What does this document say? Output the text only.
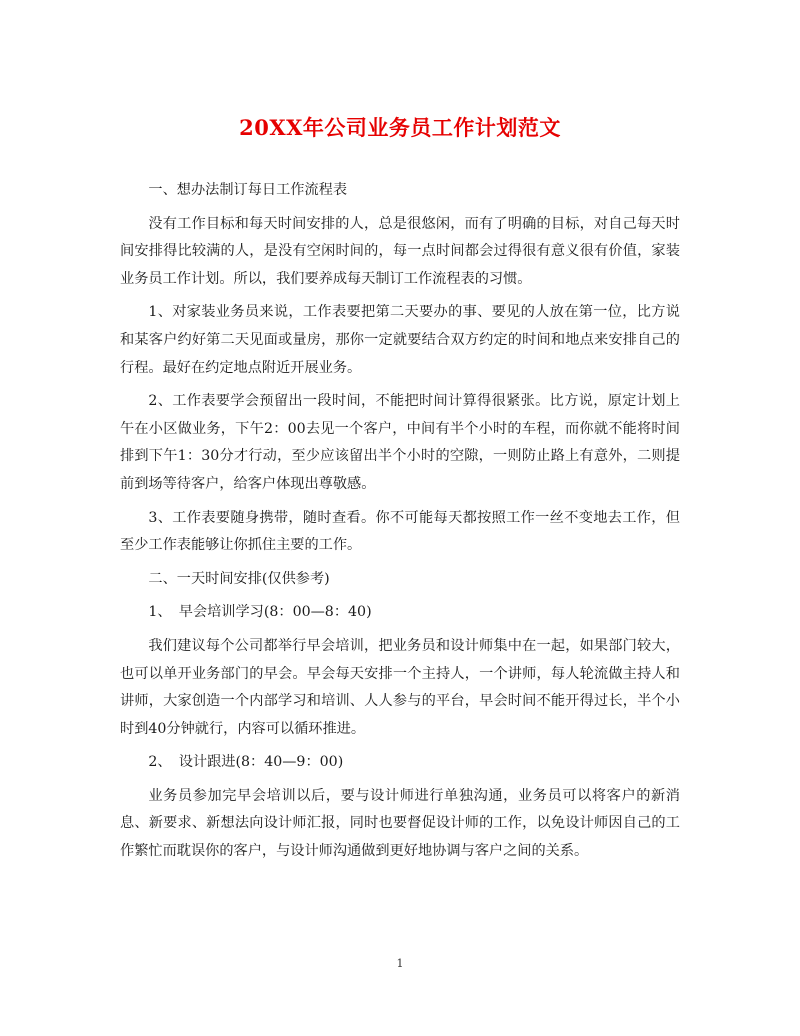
20XX年公司业务员工作计划范文

一、想办法制订每日工作流程表

没有工作目标和每天时间安排的人，总是很悠闲，而有了明确的目标，对自己每天时间安排得比较满的人，是没有空闲时间的，每一点时间都会过得很有意义很有价值，家装业务员工作计划。所以，我们要养成每天制订工作流程表的习惯。

1、对家装业务员来说，工作表要把第二天要办的事、要见的人放在第一位，比方说和某客户约好第二天见面或量房，那你一定就要结合双方约定的时间和地点来安排自己的行程。最好在约定地点附近开展业务。

2、工作表要学会预留出一段时间，不能把时间计算得很紧张。比方说，原定计划上午在小区做业务，下午2：00去见一个客户，中间有半个小时的车程，而你就不能将时间排到下午1：30分才行动，至少应该留出半个小时的空隙，一则防止路上有意外，二则提前到场等待客户，给客户体现出尊敬感。

3、工作表要随身携带，随时查看。你不可能每天都按照工作一丝不变地去工作，但至少工作表能够让你抓住主要的工作。

二、一天时间安排(仅供参考)

1、　早会培训学习(8：00—8：40)

我们建议每个公司都举行早会培训，把业务员和设计师集中在一起，如果部门较大，也可以单开业务部门的早会。早会每天安排一个主持人，一个讲师，每人轮流做主持人和讲师，大家创造一个内部学习和培训、人人参与的平台，早会时间不能开得过长，半个小时到40分钟就行，内容可以循环推进。

2、　设计跟进(8：40—9：00)

业务员参加完早会培训以后，要与设计师进行单独沟通，业务员可以将客户的新消息、新要求、新想法向设计师汇报，同时也要督促设计师的工作，以免设计师因自己的工作繁忙而耽误你的客户，与设计师沟通做到更好地协调与客户之间的关系。

1
